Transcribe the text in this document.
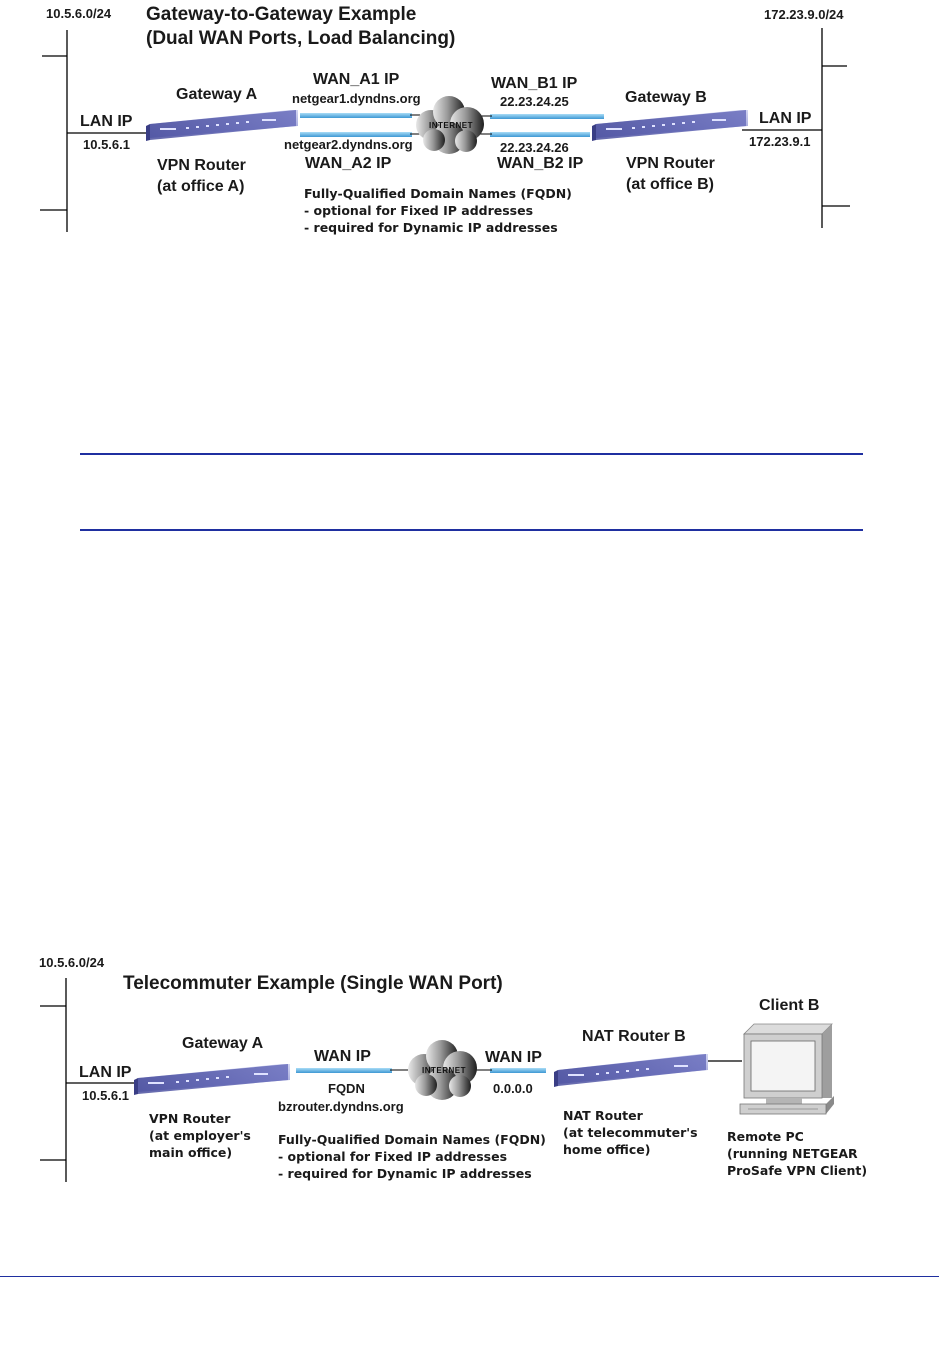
10.5.6.0/24 Gateway-to-Gateway Example
(Dual WAN Ports, Load Balancing)
172.23.9.0/24
Gateway A
LAN IP
10.5.6.1
VPN Router
(at office A)
WAN_A1 IP
netgear1.dyndns.org
netgear2.dyndns.org
WAN_A2 IP
INTERNET
WAN_B1 IP
22.23.24.25
22.23.24.26
WAN_B2 IP
Gateway B
LAN IP
172.23.9.1
VPN Router
(at office B)
Fully-Qualified Domain Names (FQDN)
- optional for Fixed IP addresses
- required for Dynamic IP addresses
10.5.6.0/24
Telecommuter Example (Single WAN Port)
Client B
Gateway A
LAN IP
10.5.6.1
VPN Router
(at employer's
main office)
WAN IP
FQDN
bzrouter.dyndns.org
INTERNET
WAN IP
0.0.0.0
NAT Router B
NAT Router
(at telecommuter's
home office)
Remote PC
(running NETGEAR
ProSafe VPN Client)
Fully-Qualified Domain Names (FQDN)
- optional for Fixed IP addresses
- required for Dynamic IP addresses
